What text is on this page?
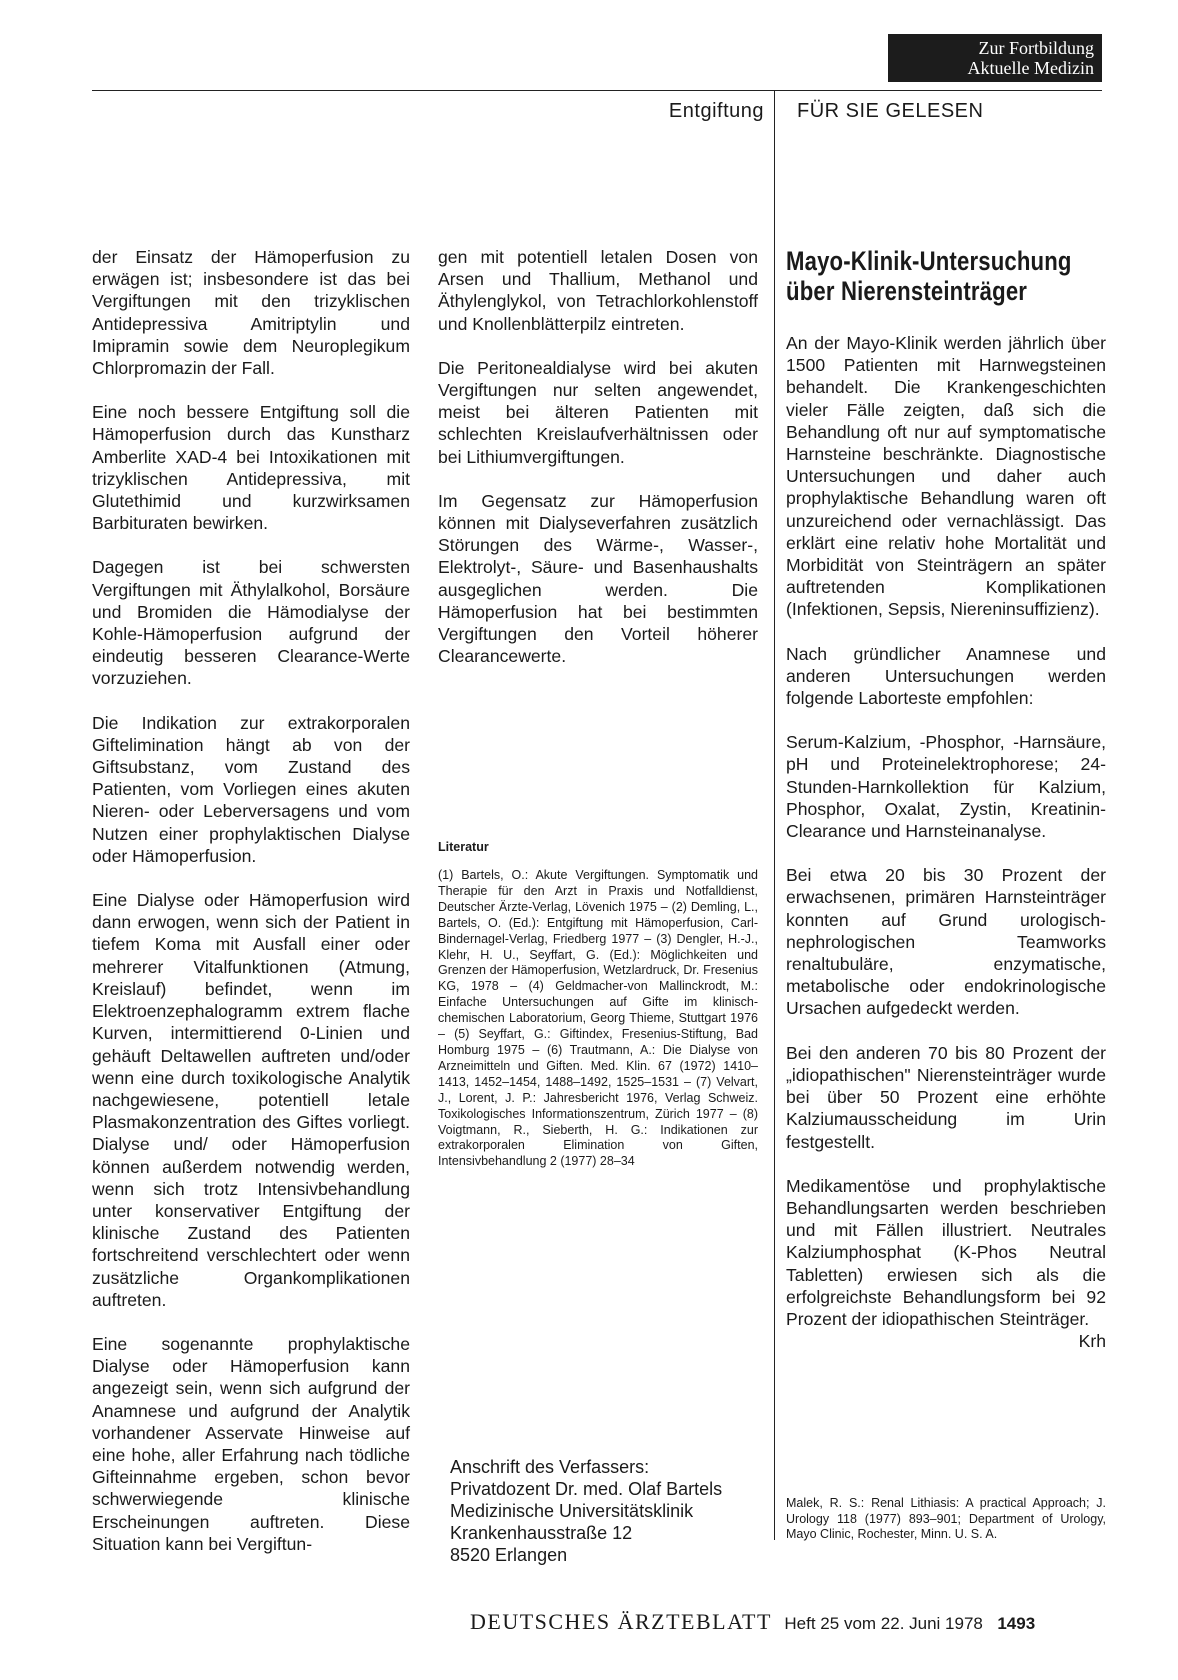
Zur Fortbildung
Aktuelle Medizin
Entgiftung FÜR SIE GELESEN

der Einsatz der Hämoperfusion zu erwägen ist; insbesondere ist das bei Vergiftungen mit den trizyklischen Antidepressiva Amitriptylin und Imipramin sowie dem Neuroplegikum Chlorpromazin der Fall.

Eine noch bessere Entgiftung soll die Hämoperfusion durch das Kunstharz Amberlite XAD-4 bei Intoxikationen mit trizyklischen Antidepressiva, mit Glutethimid und kurzwirksamen Barbituraten bewirken.

Dagegen ist bei schwersten Vergiftungen mit Äthylalkohol, Borsäure und Bromiden die Hämodialyse der Kohle-Hämoperfusion aufgrund der eindeutig besseren Clearance-Werte vorzuziehen.

Die Indikation zur extrakorporalen Giftelimination hängt ab von der Giftsubstanz, vom Zustand des Patienten, vom Vorliegen eines akuten Nieren- oder Leberversagens und vom Nutzen einer prophylaktischen Dialyse oder Hämoperfusion.

Eine Dialyse oder Hämoperfusion wird dann erwogen, wenn sich der Patient in tiefem Koma mit Ausfall einer oder mehrerer Vitalfunktionen (Atmung, Kreislauf) befindet, wenn im Elektroenzephalogramm extrem flache Kurven, intermittierend 0-Linien und gehäuft Deltawellen auftreten und/oder wenn eine durch toxikologische Analytik nachgewiesene, potentiell letale Plasmakonzentration des Giftes vorliegt. Dialyse und/ oder Hämoperfusion können außerdem notwendig werden, wenn sich trotz Intensivbehandlung unter konservativer Entgiftung der klinische Zustand des Patienten fortschreitend verschlechtert oder wenn zusätzliche Organkomplikationen auftreten.

Eine sogenannte prophylaktische Dialyse oder Hämoperfusion kann angezeigt sein, wenn sich aufgrund der Anamnese und aufgrund der Analytik vorhandener Asservate Hinweise auf eine hohe, aller Erfahrung nach tödliche Gifteinnahme ergeben, schon bevor schwerwiegende klinische Erscheinungen auftreten. Diese Situation kann bei Vergiftun-

gen mit potentiell letalen Dosen von Arsen und Thallium, Methanol und Äthylenglykol, von Tetrachlorkohlenstoff und Knollenblätterpilz eintreten.

Die Peritonealdialyse wird bei akuten Vergiftungen nur selten angewendet, meist bei älteren Patienten mit schlechten Kreislaufverhältnissen oder bei Lithiumvergiftungen.

Im Gegensatz zur Hämoperfusion können mit Dialyseverfahren zusätzlich Störungen des Wärme-, Wasser-, Elektrolyt-, Säure- und Basenhaushalts ausgeglichen werden. Die Hämoperfusion hat bei bestimmten Vergiftungen den Vorteil höherer Clearancewerte.

Literatur
(1) Bartels, O.: Akute Vergiftungen. Symptomatik und Therapie für den Arzt in Praxis und Notfalldienst, Deutscher Ärzte-Verlag, Lövenich 1975 – (2) Demling, L., Bartels, O. (Ed.): Entgiftung mit Hämoperfusion, Carl-Bindernagel-Verlag, Friedberg 1977 – (3) Dengler, H.-J., Klehr, H. U., Seyffart, G. (Ed.): Möglichkeiten und Grenzen der Hämoperfusion, Wetzlardruck, Dr. Fresenius KG, 1978 – (4) Geldmacher-von Mallinckrodt, M.: Einfache Untersuchungen auf Gifte im klinisch-chemischen Laboratorium, Georg Thieme, Stuttgart 1976 – (5) Seyffart, G.: Giftindex, Fresenius-Stiftung, Bad Homburg 1975 – (6) Trautmann, A.: Die Dialyse von Arzneimitteln und Giften. Med. Klin. 67 (1972) 1410–1413, 1452–1454, 1488–1492, 1525–1531 – (7) Velvart, J., Lorent, J. P.: Jahresbericht 1976, Verlag Schweiz. Toxikologisches Informationszentrum, Zürich 1977 – (8) Voigtmann, R., Sieberth, H. G.: Indikationen zur extrakorporalen Elimination von Giften, Intensivbehandlung 2 (1977) 28–34
Anschrift des Verfassers:
Privatdozent Dr. med. Olaf Bartels
Medizinische Universitätsklinik
Krankenhausstraße 12
8520 Erlangen
Mayo-Klinik-Untersuchung über Nierensteinträger

An der Mayo-Klinik werden jährlich über 1500 Patienten mit Harnwegsteinen behandelt. Die Krankengeschichten vieler Fälle zeigten, daß sich die Behandlung oft nur auf symptomatische Harnsteine beschränkte. Diagnostische Untersuchungen und daher auch prophylaktische Behandlung waren oft unzureichend oder vernachlässigt. Das erklärt eine relativ hohe Mortalität und Morbidität von Steinträgern an später auftretenden Komplikationen (Infektionen, Sepsis, Niereninsuffizienz).

Nach gründlicher Anamnese und anderen Untersuchungen werden folgende Laborteste empfohlen:

Serum-Kalzium, -Phosphor, -Harnsäure, pH und Proteinelektrophorese; 24-Stunden-Harnkollektion für Kalzium, Phosphor, Oxalat, Zystin, Kreatinin-Clearance und Harnsteinanalyse.

Bei etwa 20 bis 30 Prozent der erwachsenen, primären Harnsteinträger konnten auf Grund urologisch-nephrologischen Teamworks renaltubuläre, enzymatische, metabolische oder endokrinologische Ursachen aufgedeckt werden.

Bei den anderen 70 bis 80 Prozent der „idiopathischen" Nierensteinträger wurde bei über 50 Prozent eine erhöhte Kalziumausscheidung im Urin festgestellt.

Medikamentöse und prophylaktische Behandlungsarten werden beschrieben und mit Fällen illustriert. Neutrales Kalziumphosphat (K-Phos Neutral Tabletten) erwiesen sich als die erfolgreichste Behandlungsform bei 92 Prozent der idiopathischen Steinträger.
Krh

Malek, R. S.: Renal Lithiasis: A practical Approach; J. Urology 118 (1977) 893–901; Department of Urology, Mayo Clinic, Rochester, Minn. U. S. A.
DEUTSCHES ÄRZTEBLATT Heft 25 vom 22. Juni 1978 1493
